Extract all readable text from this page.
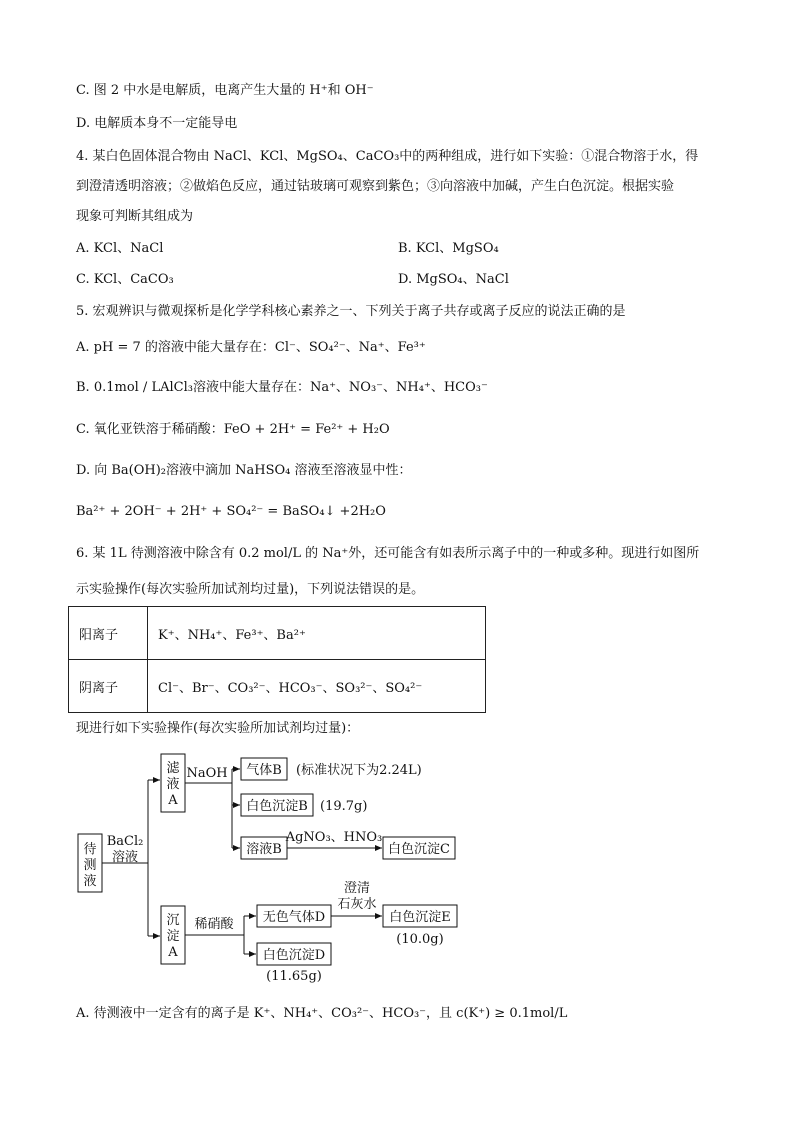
C. 图 2 中水是电解质，电离产生大量的 H⁺和 OH⁻
D. 电解质本身不一定能导电
4. 某白色固体混合物由 NaCl、KCl、MgSO₄、CaCO₃中的两种组成，进行如下实验：①混合物溶于水，得
到澄清透明溶液；②做焰色反应，通过钴玻璃可观察到紫色；③向溶液中加碱，产生白色沉淀。根据实验
现象可判断其组成为
A. KCl、NaCl	B. KCl、MgSO₄
C. KCl、CaCO₃	D. MgSO₄、NaCl
5. 宏观辨识与微观探析是化学学科核心素养之一、下列关于离子共存或离子反应的说法正确的是
A. pH = 7 的溶液中能大量存在：Cl⁻、SO₄²⁻、Na⁺、Fe³⁺
B. 0.1mol / LAlCl₃溶液中能大量存在：Na⁺、NO₃⁻、NH₄⁺、HCO₃⁻
C. 氧化亚铁溶于稀硝酸：FeO + 2H⁺ = Fe²⁺ + H₂O
D. 向 Ba(OH)₂溶液中滴加 NaHSO₄ 溶液至溶液显中性：
Ba²⁺ + 2OH⁻ + 2H⁺ + SO₄²⁻ = BaSO₄↓ +2H₂O
6. 某 1L 待测溶液中除含有 0.2 mol/L 的 Na⁺外，还可能含有如表所示离子中的一种或多种。现进行如图所
示实验操作(每次实验所加试剂均过量)，下列说法错误的是。
阳离子	K⁺、NH₄⁺、Fe³⁺、Ba²⁺
阴离子	Cl⁻、Br⁻、CO₃²⁻、HCO₃⁻、SO₃²⁻、SO₄²⁻
现进行如下实验操作(每次实验所加试剂均过量)：
待
测
液
BaCl₂
溶液
滤
液
A
NaOH 气体B (标准状况下为2.24L)
白色沉淀B (19.7g)
溶液B
AgNO₃、HNO₃
白色沉淀C
沉
淀
A
稀硝酸 无色气体D
澄清
石灰水
白色沉淀E
(10.0g)
白色沉淀D
(11.65g)
A. 待测液中一定含有的离子是 K⁺、NH₄⁺、CO₃²⁻、HCO₃⁻，且 c(K⁺) ≥ 0.1mol/L
